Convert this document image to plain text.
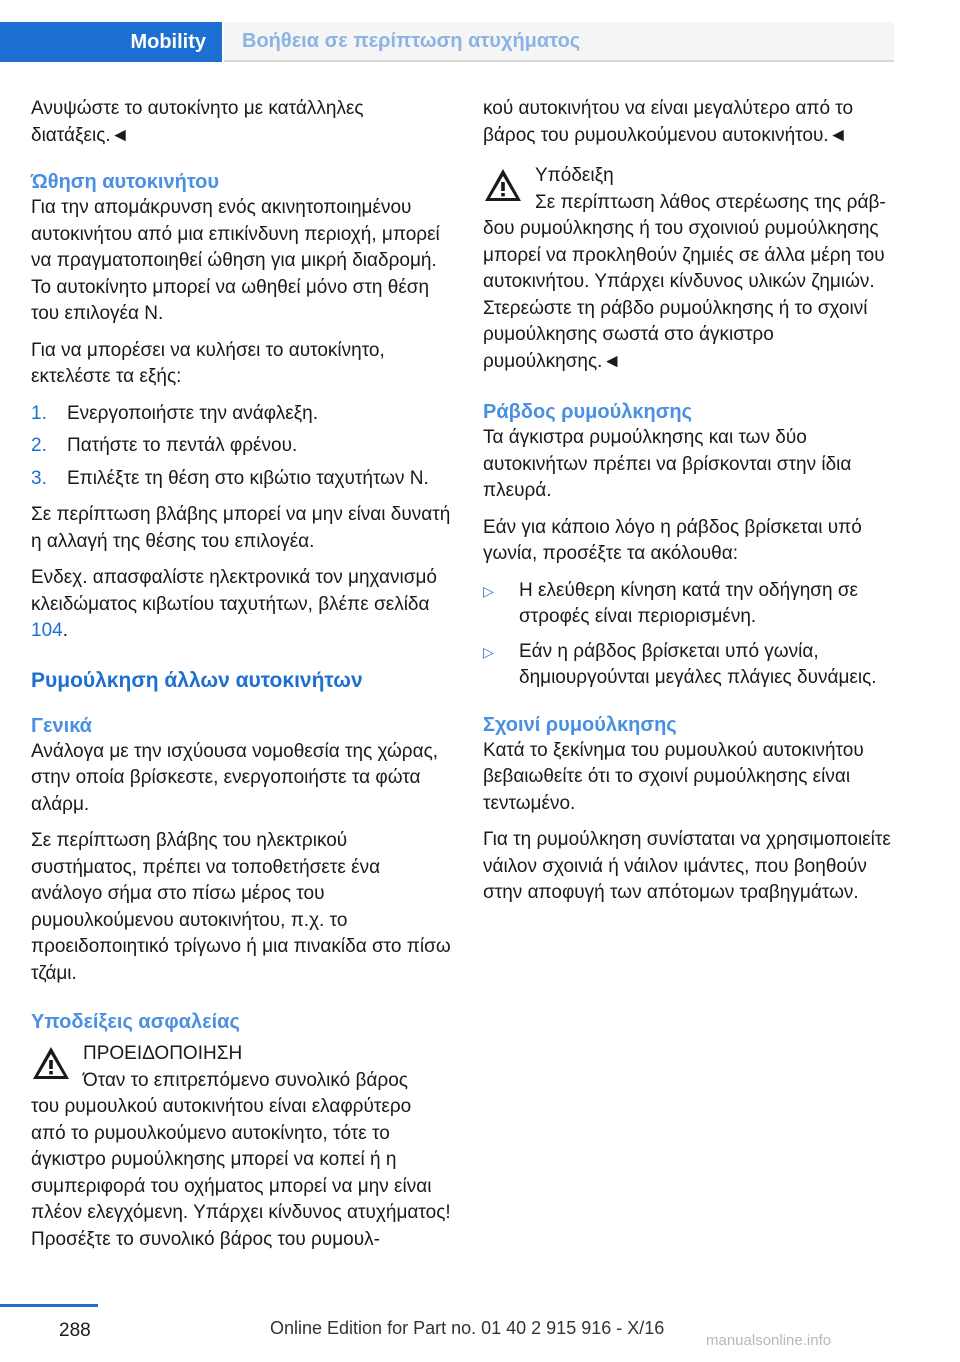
Mobility	Βοήθεια σε περίπτωση ατυχήματος

Ανυψώστε το αυτοκίνητο με κατάλληλες διατάξεις.◄

Ώθηση αυτοκινήτου

Για την απομάκρυνση ενός ακινητοποιημένου αυτοκινήτου από μια επικίνδυνη περιοχή, μπορεί να πραγματοποιηθεί ώθηση για μικρή διαδρομή. Το αυτοκίνητο μπορεί να ωθηθεί μόνο στη θέση του επιλογέα N.

Για να μπορέσει να κυλήσει το αυτοκίνητο, εκτελέστε τα εξής:

1.	Ενεργοποιήστε την ανάφλεξη.
2.	Πατήστε το πεντάλ φρένου.
3.	Επιλέξτε τη θέση στο κιβώτιο ταχυτήτων N.

Σε περίπτωση βλάβης μπορεί να μην είναι δυνατή η αλλαγή της θέσης του επιλογέα.

Ενδεχ. απασφαλίστε ηλεκτρονικά τον μηχανισμό κλειδώματος κιβωτίου ταχυτήτων, βλέπε σελίδα 104.

Ρυμούλκηση άλλων αυτοκινήτων
Γενικά

Ανάλογα με την ισχύουσα νομοθεσία της χώρας, στην οποία βρίσκεστε, ενεργοποιήστε τα φώτα αλάρμ.

Σε περίπτωση βλάβης του ηλεκτρικού συστήματος, πρέπει να τοποθετήσετε ένα ανάλογο σήμα στο πίσω μέρος του ρυμουλκούμενου αυτοκινήτου, π.χ. το προειδοποιητικό τρίγωνο ή μια πινακίδα στο πίσω τζάμι.

Υποδείξεις ασφαλείας
ΠΡΟΕΙΔΟΠΟΙΗΣΗ
Όταν το επιτρεπόμενο συνολικό βάρος
του ρυμουλκού αυτοκινήτου είναι ελαφρύτερο από το ρυμουλκούμενο αυτοκίνητο, τότε το άγκιστρο ρυμούλκησης μπορεί να κοπεί ή η συμπεριφορά του οχήματος μπορεί να μην είναι πλέον ελεγχόμενη. Υπάρχει κίνδυνος ατυχήματος! Προσέξτε το συνολικό βάρος του ρυμουλ-

κού αυτοκινήτου να είναι μεγαλύτερο από το βάρος του ρυμουλκούμενου αυτοκινήτου.◄

Υπόδειξη
Σε περίπτωση λάθος στερέωσης της ράβ-
δου ρυμούλκησης ή του σχοινιού ρυμούλκησης μπορεί να προκληθούν ζημιές σε άλλα μέρη του αυτοκινήτου. Υπάρχει κίνδυνος υλικών ζημιών. Στερεώστε τη ράβδο ρυμούλκησης ή το σχοινί ρυμούλκησης σωστά στο άγκιστρο ρυμούλκησης.◄
Ράβδος ρυμούλκησης

Τα άγκιστρα ρυμούλκησης και των δύο αυτοκινήτων πρέπει να βρίσκονται στην ίδια πλευρά.

Εάν για κάποιο λόγο η ράβδος βρίσκεται υπό γωνία, προσέξτε τα ακόλουθα:

▷	Η ελεύθερη κίνηση κατά την οδήγηση σε στροφές είναι περιορισμένη.
▷	Εάν η ράβδος βρίσκεται υπό γωνία, δημιουργούνται μεγάλες πλάγιες δυνάμεις.
Σχοινί ρυμούλκησης

Κατά το ξεκίνημα του ρυμουλκού αυτοκινήτου βεβαιωθείτε ότι το σχοινί ρυμούλκησης είναι τεντωμένο.

Για τη ρυμούλκηση συνίσταται να χρησιμοποιείτε νάιλον σχοινιά ή νάιλον ιμάντες, που βοηθούν στην αποφυγή των απότομων τραβηγμάτων.

288	Online Edition for Part no. 01 40 2 915 916 - X/16
manualsonline.info
